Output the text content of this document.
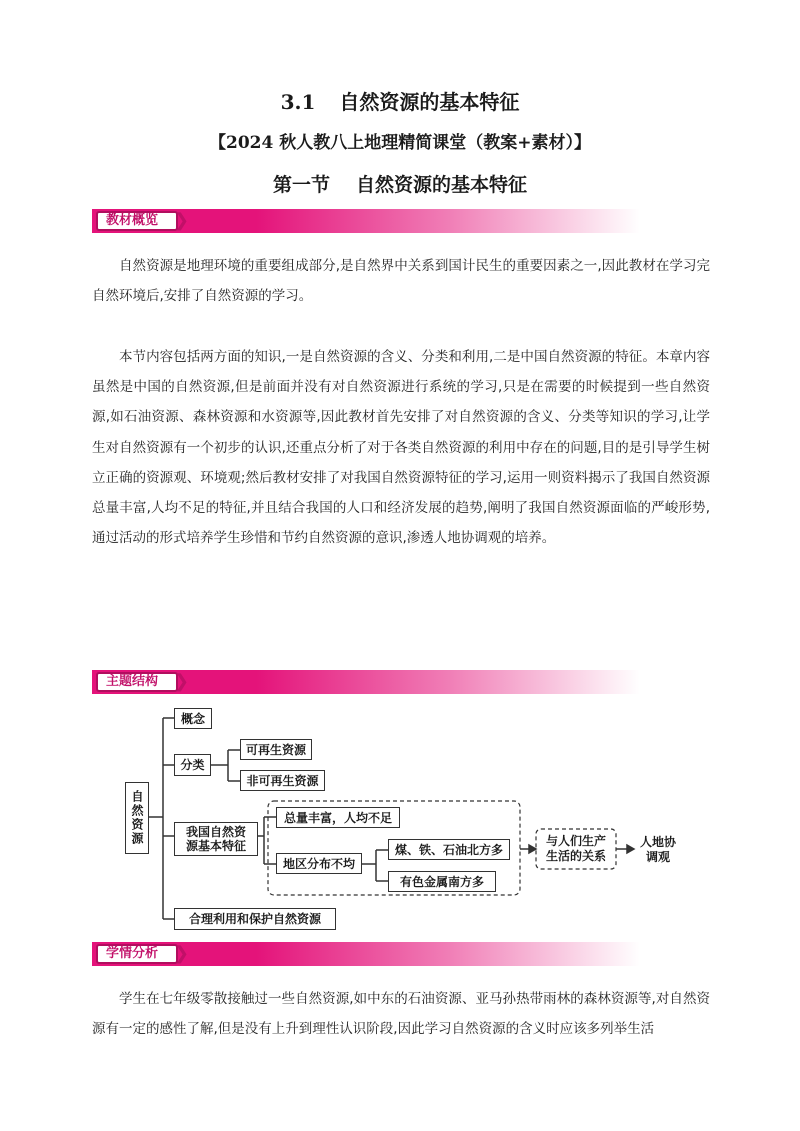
3.1 自然资源的基本特征
【2024 秋人教八上地理精简课堂（教案+素材）】
第一节 自然资源的基本特征
教材概览 ❯
自然资源是地理环境的重要组成部分,是自然界中关系到国计民生的重要因素之一,因此教材在学习完自然环境后,安排了自然资源的学习。
本节内容包括两方面的知识,一是自然资源的含义、分类和利用,二是中国自然资源的特征。本章内容虽然是中国的自然资源,但是前面并没有对自然资源进行系统的学习,只是在需要的时候提到一些自然资源,如石油资源、森林资源和水资源等,因此教材首先安排了对自然资源的含义、分类等知识的学习,让学生对自然资源有一个初步的认识,还重点分析了对于各类自然资源的利用中存在的问题,目的是引导学生树立正确的资源观、环境观;然后教材安排了对我国自然资源特征的学习,运用一则资料揭示了我国自然资源总量丰富,人均不足的特征,并且结合我国的人口和经济发展的趋势,阐明了我国自然资源面临的严峻形势,通过活动的形式培养学生珍惜和节约自然资源的意识,渗透人地协调观的培养。
主题结构 ❯
自然资源
概念
分类
可再生资源
非可再生资源
我国自然资源基本特征
总量丰富，人均不足
地区分布不均
煤、铁、石油北方多
有色金属南方多
与人们生产生活的关系
人地协调观
合理利用和保护自然资源
学情分析 ❯
学生在七年级零散接触过一些自然资源,如中东的石油资源、亚马孙热带雨林的森林资源等,对自然资源有一定的感性了解,但是没有上升到理性认识阶段,因此学习自然资源的含义时应该多列举生活
